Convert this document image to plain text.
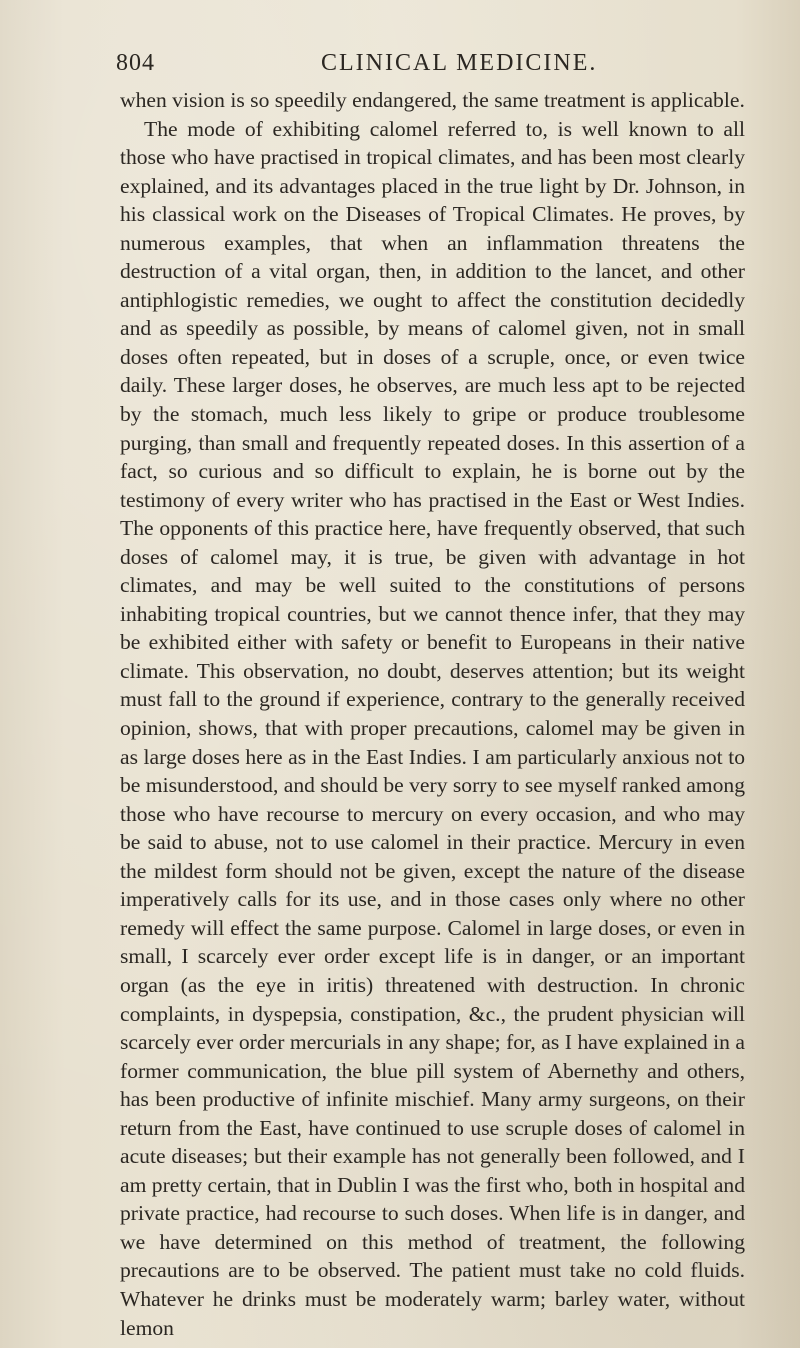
804	CLINICAL MEDICINE.

when vision is so speedily endangered, the same treatment is applicable.

The mode of exhibiting calomel referred to, is well known to all those who have practised in tropical climates, and has been most clearly explained, and its advantages placed in the true light by Dr. Johnson, in his classical work on the Diseases of Tropical Climates. He proves, by numerous examples, that when an inflammation threatens the destruction of a vital organ, then, in addition to the lancet, and other antiphlogistic remedies, we ought to affect the constitution decidedly and as speedily as possible, by means of calomel given, not in small doses often repeated, but in doses of a scruple, once, or even twice daily. These larger doses, he observes, are much less apt to be rejected by the stomach, much less likely to gripe or produce troublesome purging, than small and frequently repeated doses. In this assertion of a fact, so curious and so difficult to explain, he is borne out by the testimony of every writer who has practised in the East or West Indies. The opponents of this practice here, have frequently observed, that such doses of calomel may, it is true, be given with advantage in hot climates, and may be well suited to the constitutions of persons inhabiting tropical countries, but we cannot thence infer, that they may be exhibited either with safety or benefit to Europeans in their native climate. This observation, no doubt, deserves attention; but its weight must fall to the ground if experience, contrary to the generally received opinion, shows, that with proper precautions, calomel may be given in as large doses here as in the East Indies. I am particularly anxious not to be misunderstood, and should be very sorry to see myself ranked among those who have recourse to mercury on every occasion, and who may be said to abuse, not to use calomel in their practice. Mercury in even the mildest form should not be given, except the nature of the disease imperatively calls for its use, and in those cases only where no other remedy will effect the same purpose. Calomel in large doses, or even in small, I scarcely ever order except life is in danger, or an important organ (as the eye in iritis) threatened with destruction. In chronic complaints, in dyspepsia, constipation, &c., the prudent physician will scarcely ever order mercurials in any shape; for, as I have explained in a former communication, the blue pill system of Abernethy and others, has been productive of infinite mischief. Many army surgeons, on their return from the East, have continued to use scruple doses of calomel in acute diseases; but their example has not generally been followed, and I am pretty certain, that in Dublin I was the first who, both in hospital and private practice, had recourse to such doses. When life is in danger, and we have determined on this method of treatment, the following precautions are to be observed. The patient must take no cold fluids. Whatever he drinks must be moderately warm; barley water, without lemon
